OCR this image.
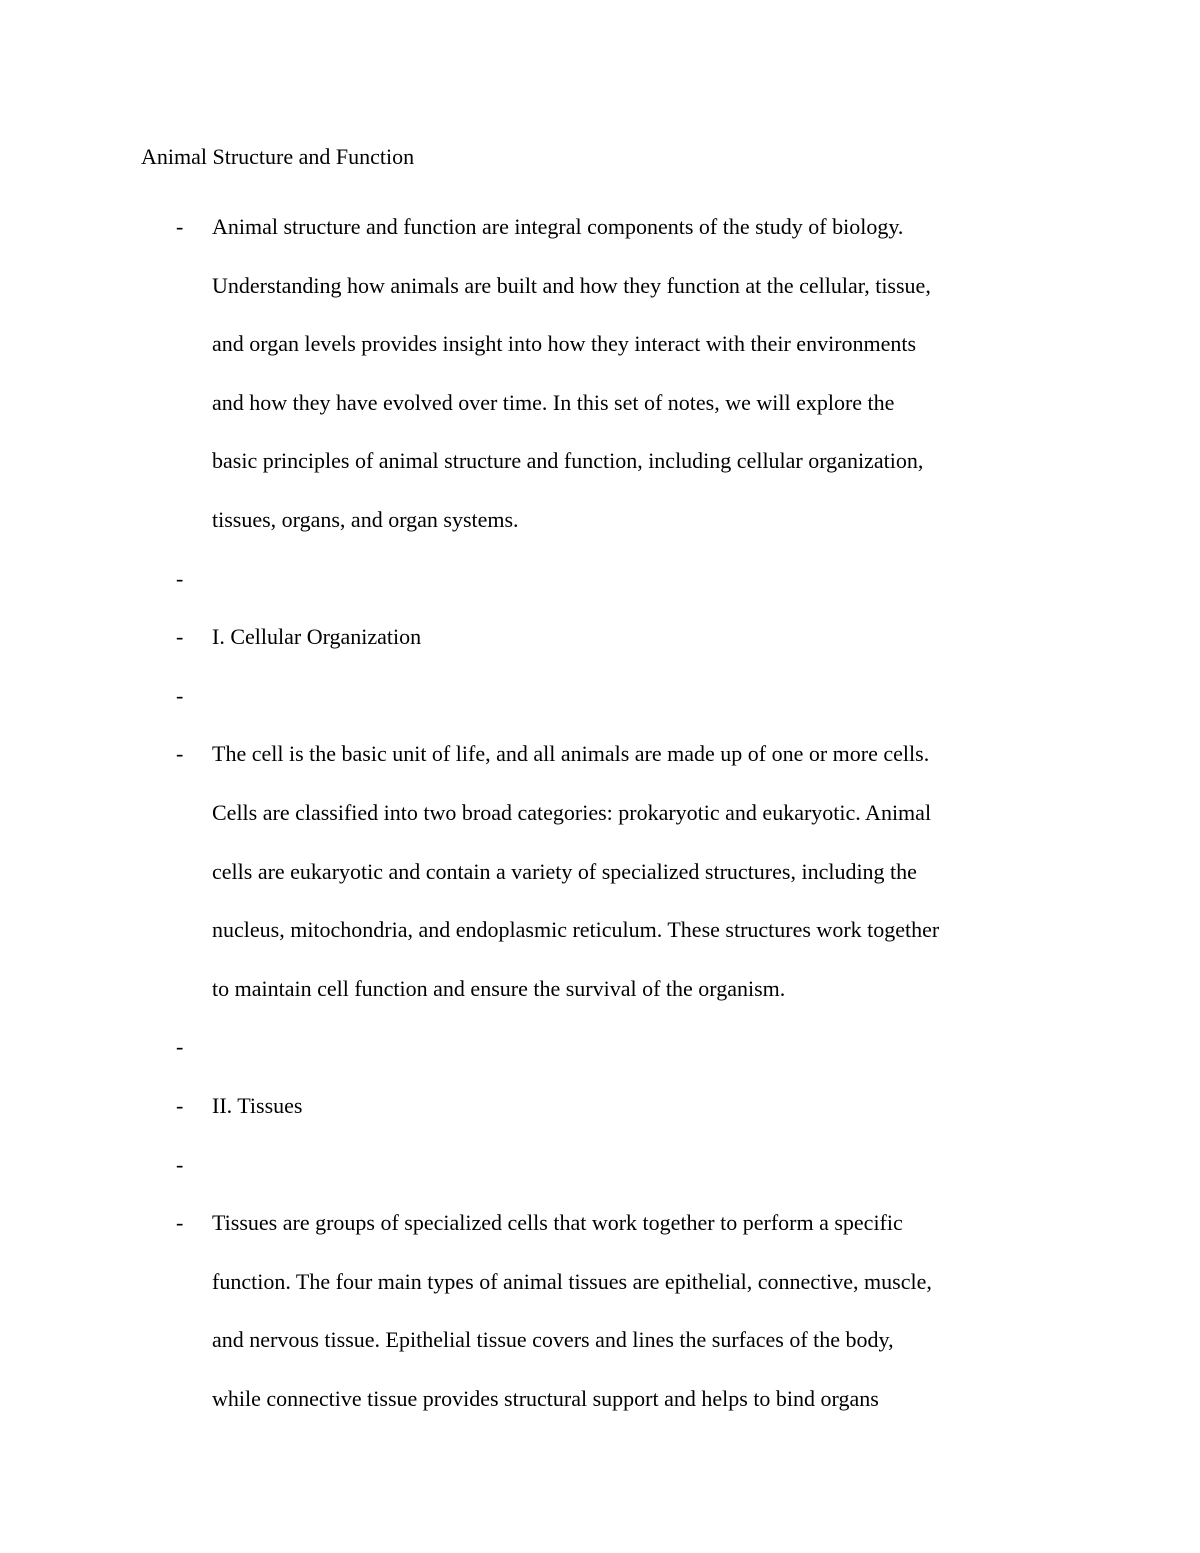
Animal Structure and Function
- Animal structure and function are integral components of the study of biology.
Understanding how animals are built and how they function at the cellular, tissue,
and organ levels provides insight into how they interact with their environments
and how they have evolved over time. In this set of notes, we will explore the
basic principles of animal structure and function, including cellular organization,
tissues, organs, and organ systems.
-
- I. Cellular Organization
-
- The cell is the basic unit of life, and all animals are made up of one or more cells.
Cells are classified into two broad categories: prokaryotic and eukaryotic. Animal
cells are eukaryotic and contain a variety of specialized structures, including the
nucleus, mitochondria, and endoplasmic reticulum. These structures work together
to maintain cell function and ensure the survival of the organism.
-
- II. Tissues
-
- Tissues are groups of specialized cells that work together to perform a specific
function. The four main types of animal tissues are epithelial, connective, muscle,
and nervous tissue. Epithelial tissue covers and lines the surfaces of the body,
while connective tissue provides structural support and helps to bind organs
